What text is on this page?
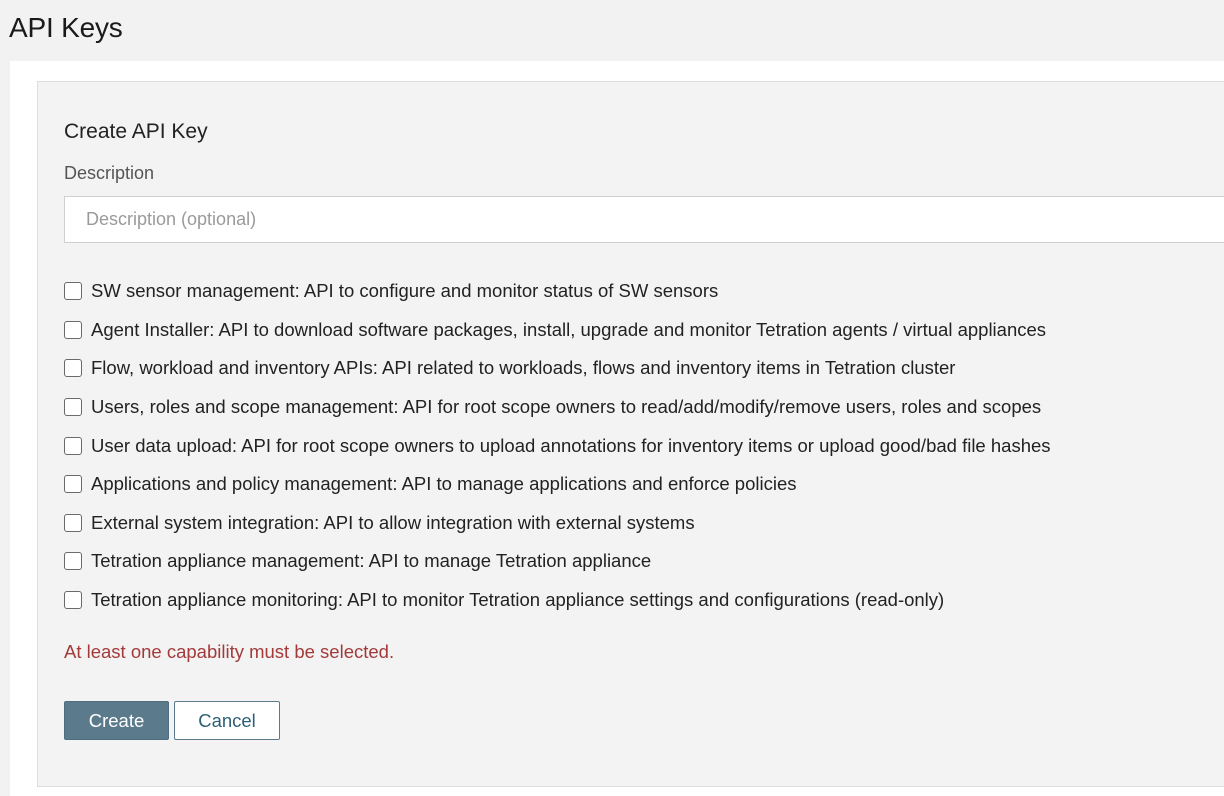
API Keys
Create API Key
Description
Description (optional)
SW sensor management: API to configure and monitor status of SW sensors
Agent Installer: API to download software packages, install, upgrade and monitor Tetration agents / virtual appliances
Flow, workload and inventory APIs: API related to workloads, flows and inventory items in Tetration cluster
Users, roles and scope management: API for root scope owners to read/add/modify/remove users, roles and scopes
User data upload: API for root scope owners to upload annotations for inventory items or upload good/bad file hashes
Applications and policy management: API to manage applications and enforce policies
External system integration: API to allow integration with external systems
Tetration appliance management: API to manage Tetration appliance
Tetration appliance monitoring: API to monitor Tetration appliance settings and configurations (read-only)
At least one capability must be selected.
Create	Cancel
